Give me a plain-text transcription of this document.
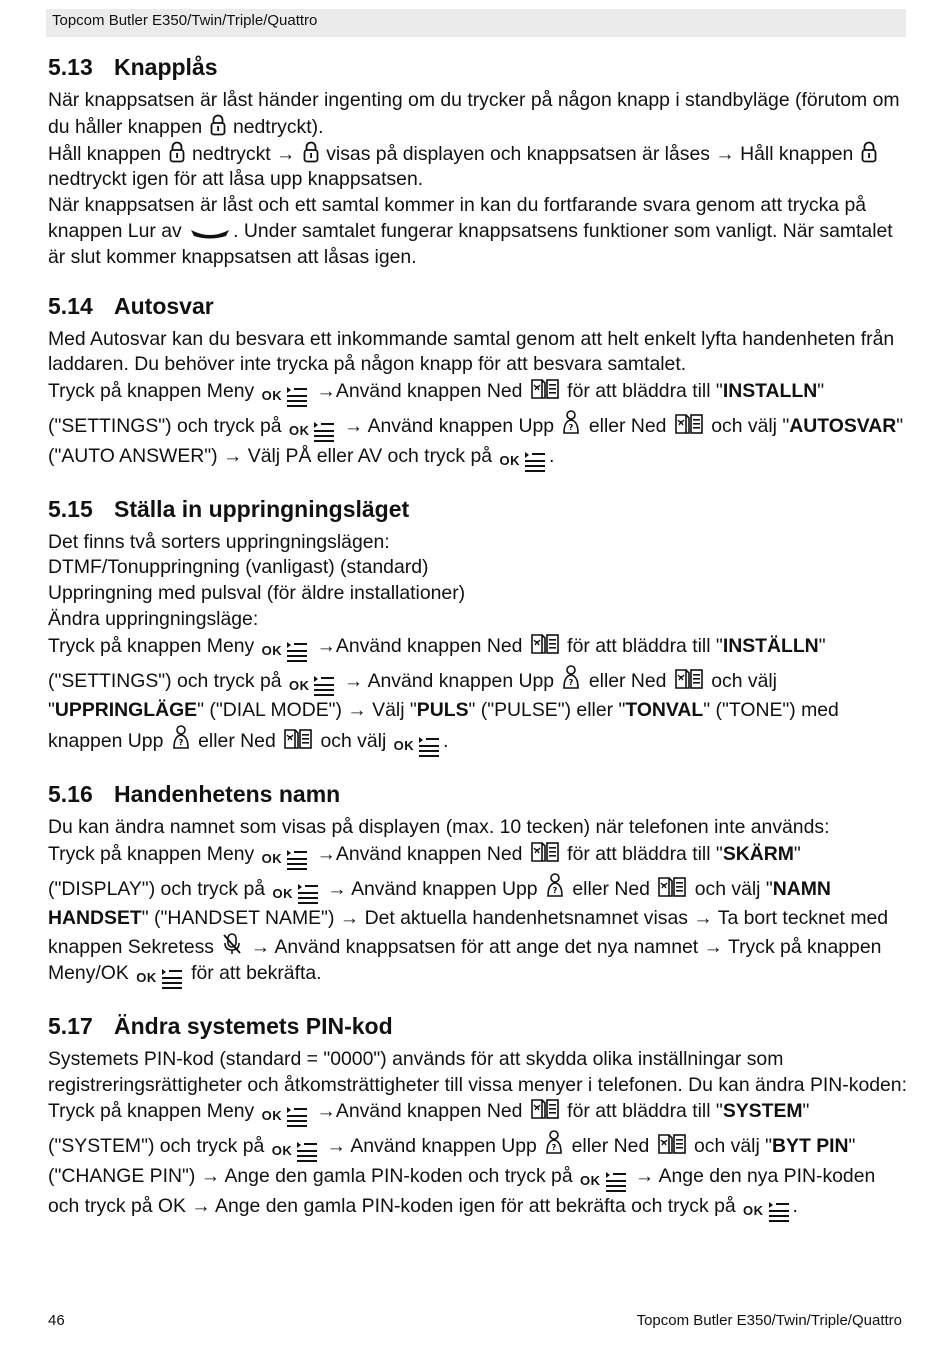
Topcom Butler E350/Twin/Triple/Quattro
5.13 Knapplås

När knappsatsen är låst händer ingenting om du trycker på någon knapp i standbyläge (förutom om du håller knappen
nedtryckt).
Håll knappen
nedtryckt →
visas på displayen och knappsatsen är låses → Håll knappen
nedtryckt igen för att låsa upp knappsatsen.
När knappsatsen är låst och ett samtal kommer in kan du fortfarande svara genom att trycka på knappen Lur av
. Under samtalet fungerar knappsatsens funktioner som vanligt. När samtalet är slut kommer knappsatsen att låsas igen.

5.14 Autosvar

Med Autosvar kan du besvara ett inkommande samtal genom att helt enkelt lyfta handenheten från laddaren. Du behöver inte trycka på någon knapp för att besvara samtalet.
Tryck på knappen Meny OK →Använd knappen Ned
för att bläddra till "INSTALLN" ("SETTINGS") och tryck på OK → Använd knappen Upp ? eller Ned
och välj "AUTOSVAR" ("AUTO ANSWER") → Välj PÅ eller AV och tryck på OK .

5.15 Ställa in uppringningsläget

Det finns två sorters uppringningslägen:
DTMF/Tonuppringning (vanligast) (standard)
Uppringning med pulsval (för äldre installationer)
Ändra uppringningsläge:
Tryck på knappen Meny OK →Använd knappen Ned
för att bläddra till "INSTÄLLN" ("SETTINGS") och tryck på OK → Använd knappen Upp ? eller Ned
och välj "UPPRINGLÄGE" ("DIAL MODE") → Välj "PULS" ("PULSE") eller "TONVAL" ("TONE") med knappen Upp ? eller Ned
och välj OK .

5.16 Handenhetens namn

Du kan ändra namnet som visas på displayen (max. 10 tecken) när telefonen inte används:
Tryck på knappen Meny OK →Använd knappen Ned
för att bläddra till "SKÄRM" ("DISPLAY") och tryck på OK → Använd knappen Upp ? eller Ned
och välj "NAMN HANDSET" ("HANDSET NAME") → Det aktuella handenhetsnamnet visas → Ta bort tecknet med knappen Sekretess
→ Använd knappsatsen för att ange det nya namnet → Tryck på knappen Meny/OK OK för att bekräfta.

5.17 Ändra systemets PIN-kod

Systemets PIN-kod (standard = "0000") används för att skydda olika inställningar som registreringsrättigheter och åtkomsträttigheter till vissa menyer i telefonen. Du kan ändra PIN-koden:
Tryck på knappen Meny OK →Använd knappen Ned
för att bläddra till "SYSTEM" ("SYSTEM") och tryck på OK → Använd knappen Upp ? eller Ned
och välj "BYT PIN" ("CHANGE PIN") → Ange den gamla PIN-koden och tryck på OK → Ange den nya PIN-koden och tryck på OK → Ange den gamla PIN-koden igen för att bekräfta och tryck på OK .

46	Topcom Butler E350/Twin/Triple/Quattro
